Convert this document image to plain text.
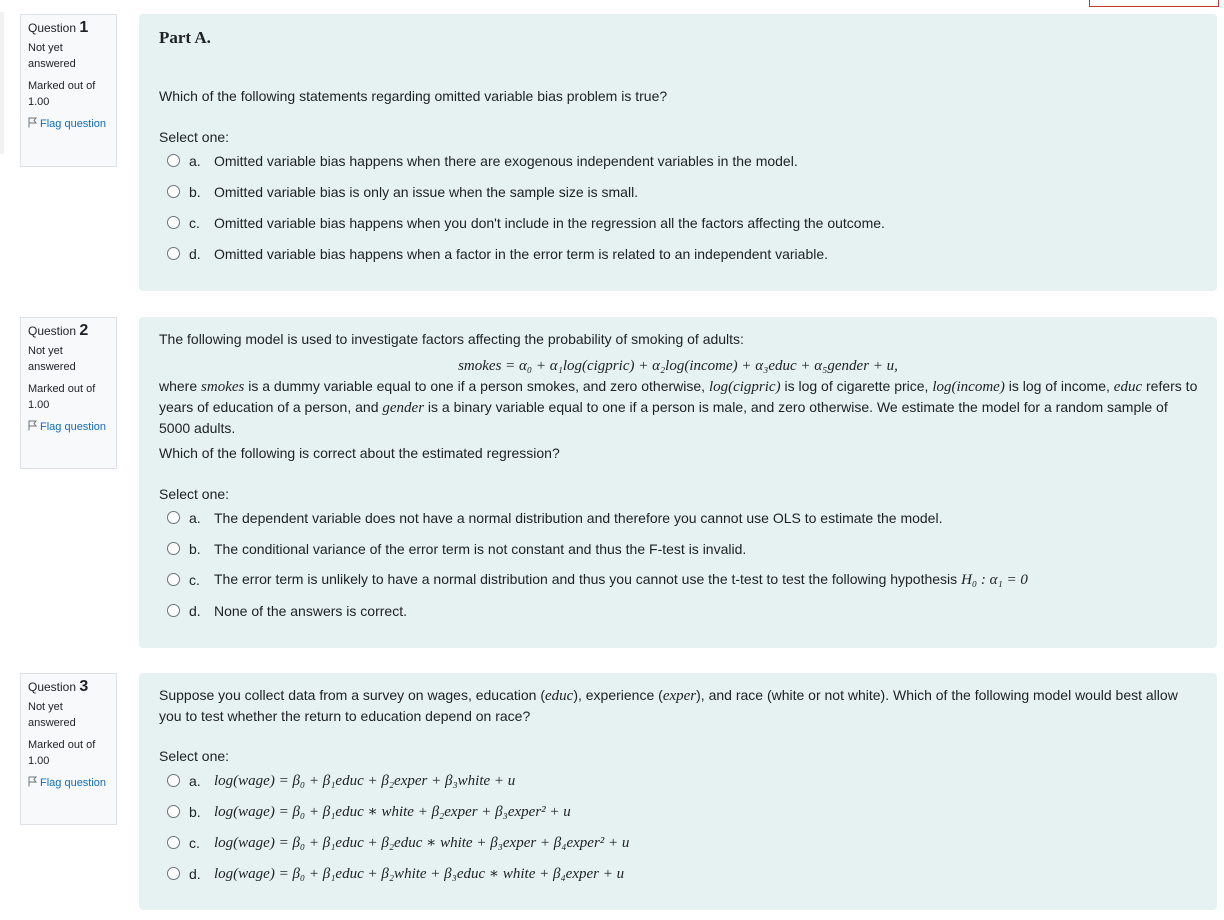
Question 1
Not yet answered
Marked out of 1.00
Flag question
Part A.
Which of the following statements regarding omitted variable bias problem is true?
Select one:
a. Omitted variable bias happens when there are exogenous independent variables in the model.
b. Omitted variable bias is only an issue when the sample size is small.
c.	Omitted variable bias happens when you don't include in the regression all the factors affecting the outcome.
d. Omitted variable bias happens when a factor in the error term is related to an independent variable.
Question 2
Not yet answered
Marked out of 1.00
Flag question
The following model is used to investigate factors affecting the probability of smoking of adults:
smokes = α₀ + α₁log(cigpric) + α₂log(income) + α₃educ + α₅gender + u,
where smokes is a dummy variable equal to one if a person smokes, and zero otherwise, log(cigpric) is log of cigarette price, log(income) is log of income, educ refers to years of education of a person, and gender is a binary variable equal to one if a person is male, and zero otherwise. We estimate the model for a random sample of 5000 adults.
Which of the following is correct about the estimated regression?
Select one:
a. The dependent variable does not have a normal distribution and therefore you cannot use OLS to estimate the model.
b. The conditional variance of the error term is not constant and thus the F-test is invalid.
c.	The error term is unlikely to have a normal distribution and thus you cannot use the t-test to test the following hypothesis H₀ : α₁ = 0
d. None of the answers is correct.
Question 3
Not yet answered
Marked out of 1.00
Flag question
Suppose you collect data from a survey on wages, education (educ), experience (exper), and race (white or not white). Which of the following model would best allow you to test whether the return to education depend on race?
Select one:
a. log(wage) = β₀ + β₁educ + β₂exper + β₃white + u
b. log(wage) = β₀ + β₁educ ∗ white + β₂exper + β₃exper² + u
c. log(wage) = β₀ + β₁educ + β₂educ ∗ white + β₃exper + β₄exper² + u
d. log(wage) = β₀ + β₁educ + β₂white + β₃educ ∗ white + β₄exper + u
